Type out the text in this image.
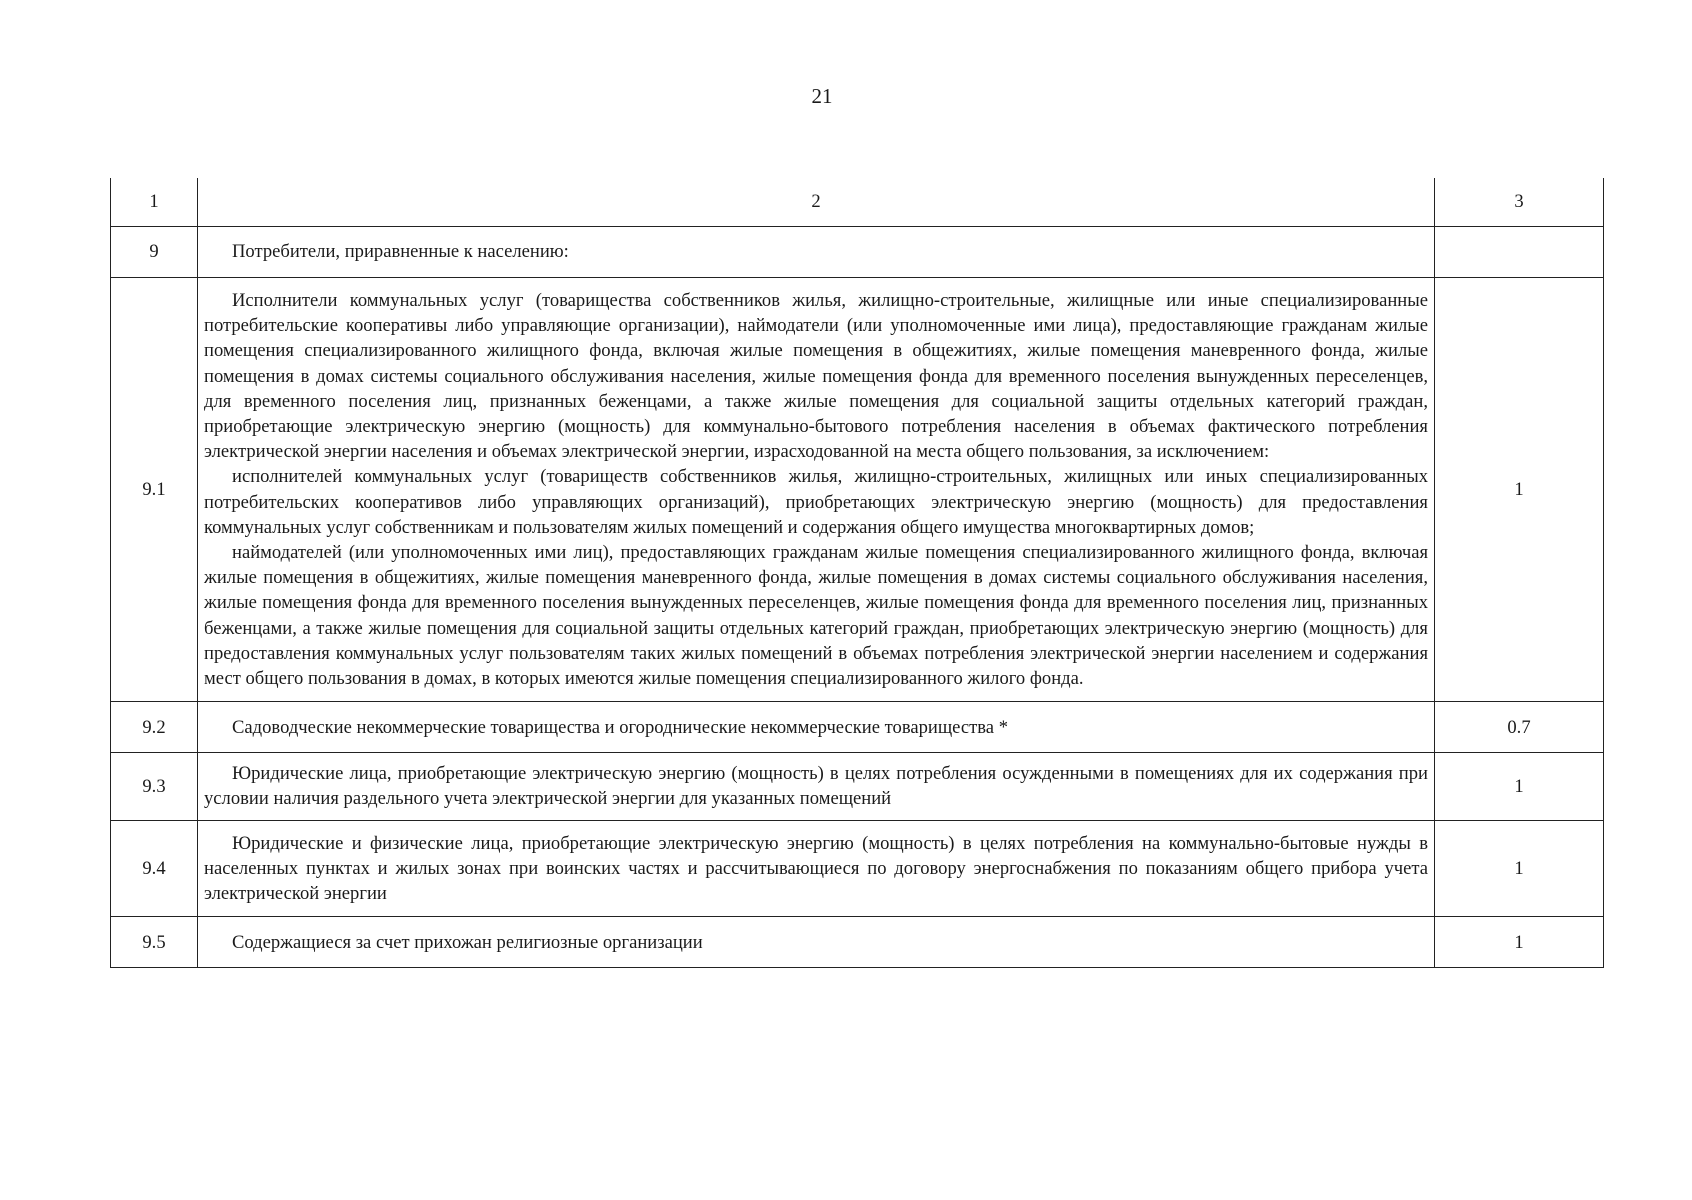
21
1	2	3
9	Потребители, приравненные к населению:	

9.1	Исполнители коммунальных услуг (товарищества собственников жилья, жилищно-строительные, жилищные или иные специализированные потребительские кооперативы либо управляющие организации), наймодатели (или уполномоченные ими лица), предоставляющие гражданам жилые помещения специализированного жилищного фонда, включая жилые помещения в общежитиях, жилые помещения маневренного фонда, жилые помещения в домах системы социального обслуживания населения, жилые помещения фонда для временного поселения вынужденных переселенцев, для временного поселения лиц, признанных беженцами, а также жилые помещения для социальной защиты отдельных категорий граждан, приобретающие электрическую энергию (мощность) для коммунально-бытового потребления населения в объемах фактического потребления электрической энергии населения и объемах электрической энергии, израсходованной на места общего пользования, за исключением:

исполнителей коммунальных услуг (товариществ собственников жилья, жилищно-строительных, жилищных или иных специализированных потребительских кооперативов либо управляющих организаций), приобретающих электрическую энергию (мощность) для предоставления коммунальных услуг собственникам и пользователям жилых помещений и содержания общего имущества многоквартирных домов;

наймодателей (или уполномоченных ими лиц), предоставляющих гражданам жилые помещения специализированного жилищного фонда, включая жилые помещения в общежитиях, жилые помещения маневренного фонда, жилые помещения в домах системы социального обслуживания населения, жилые помещения фонда для временного поселения вынужденных переселенцев, жилые помещения фонда для временного поселения лиц, признанных беженцами, а также жилые помещения для социальной защиты отдельных категорий граждан, приобретающих электрическую энергию (мощность) для предоставления коммунальных услуг пользователям таких жилых помещений в объемах потребления электрической энергии населением и содержания мест общего пользования в домах, в которых имеются жилые помещения специализированного жилого фонда.	1
9.2	Садоводческие некоммерческие товарищества и огороднические некоммерческие товарищества *	0.7
9.3	Юридические лица, приобретающие электрическую энергию (мощность) в целях потребления осужденными в помещениях для их содержания при условии наличия раздельного учета электрической энергии для указанных помещений	1
9.4	Юридические и физические лица, приобретающие электрическую энергию (мощность) в целях потребления на коммунально-бытовые нужды в населенных пунктах и жилых зонах при воинских частях и рассчитывающиеся по договору энергоснабжения по показаниям общего прибора учета электрической энергии	1
9.5	Содержащиеся за счет прихожан религиозные организации	1
